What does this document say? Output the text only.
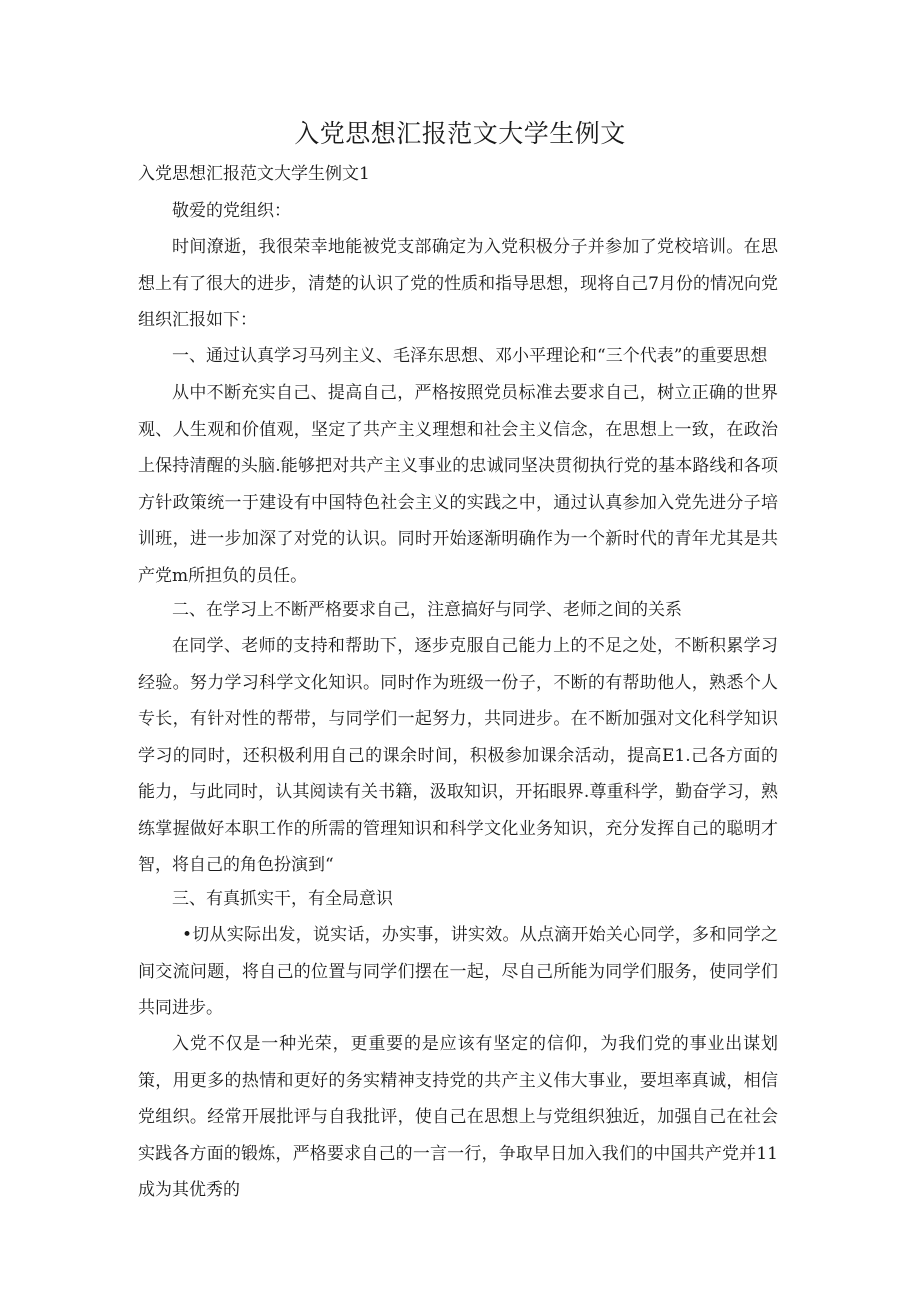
入党思想汇报范文大学生例文
入党思想汇报范文大学生例文1
敬爱的党组织：
时间潦逝，我很荣幸地能被党支部确定为入党积极分子并参加了党校培训。在思想上有了很大的进步，清楚的认识了党的性质和指导思想，现将自己7月份的情况向党组织汇报如下：
一、通过认真学习马列主义、毛泽东思想、邓小平理论和“三个代表”的重要思想
从中不断充实自己、提高自己，严格按照党员标准去要求自己，树立正确的世界观、人生观和价值观，坚定了共产主义理想和社会主义信念，在思想上一致，在政治上保持清醒的头脑.能够把对共产主义事业的忠诚同坚决贯彻执行党的基本路线和各项方针政策统一于建设有中国特色社会主义的实践之中，通过认真参加入党先进分子培训班，进一步加深了对党的认识。同时开始逐渐明确作为一个新时代的青年尤其是共产党m所担负的员任。
二、在学习上不断严格要求自己，注意搞好与同学、老师之间的关系
在同学、老师的支持和帮助下，逐步克服自己能力上的不足之处，不断积累学习经验。努力学习科学文化知识。同时作为班级一份子，不断的有帮助他人，熟悉个人专长，有针对性的帮带，与同学们一起努力，共同进步。在不断加强对文化科学知识学习的同时，还积极利用自己的课余时间，积极参加课余活动，提高E1.己各方面的能力，与此同时，认其阅读有关书籍，汲取知识，开拓眼界.尊重科学，勤奋学习，熟练掌握做好本职工作的所需的管理知识和科学文化业务知识，充分发挥自己的聪明才智，将自己的角色扮演到“
三、有真抓实干，有全局意识
•切从实际出发，说实话，办实事，讲实效。从点滴开始关心同学，多和同学之间交流问题，将自己的位置与同学们摆在一起，尽自己所能为同学们服务，使同学们共同进步。
入党不仅是一种光荣，更重要的是应该有坚定的信仰，为我们党的事业出谋划策，用更多的热情和更好的务实精神支持党的共产主义伟大事业，要坦率真诚，相信党组织。经常开展批评与自我批评，使自己在思想上与党组织独近，加强自己在社会实践各方面的锻炼，严格要求自己的一言一行，争取早日加入我们的中国共产党并11成为其优秀的
